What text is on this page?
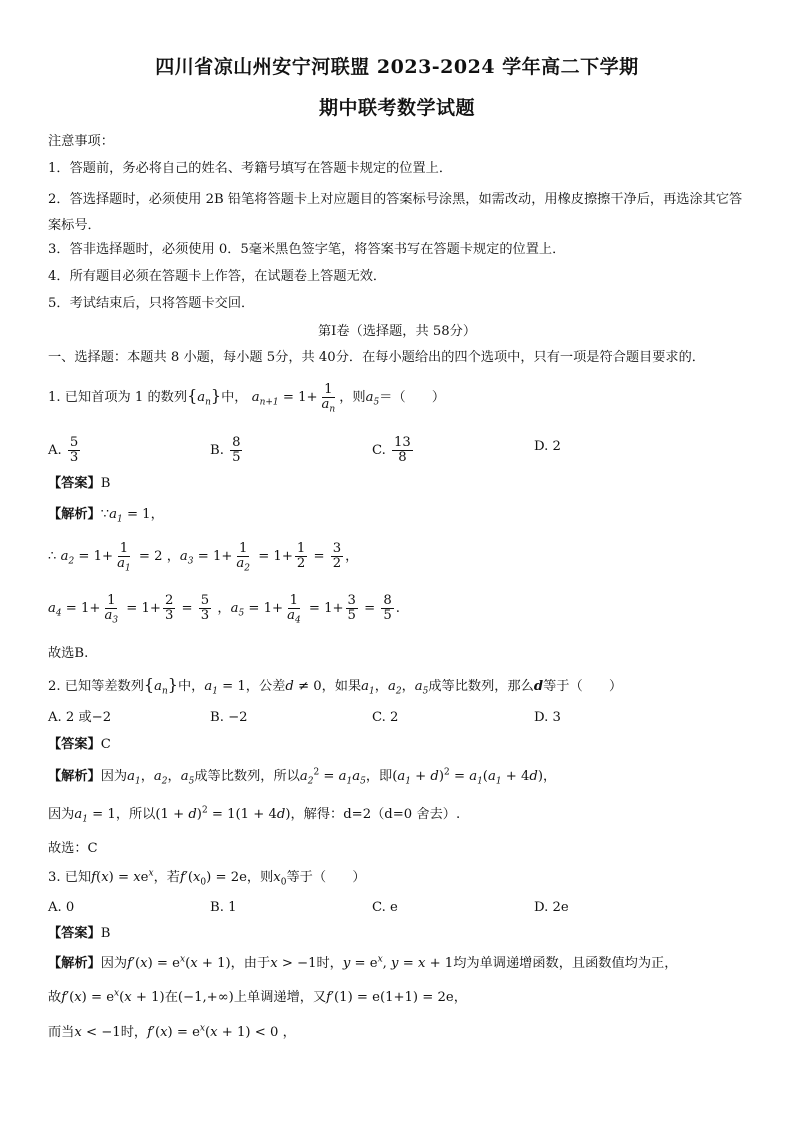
四川省凉山州安宁河联盟 2023-2024 学年高二下学期
期中联考数学试题
注意事项：
1．答题前，务必将自己的姓名、考籍号填写在答题卡规定的位置上．
2．答选择题时，必须使用 2B 铅笔将答题卡上对应题目的答案标号涂黑，如需改动，用橡皮擦擦干净后，再选涂其它答案标号．
3．答非选择题时，必须使用 0．5毫米黑色签字笔，将答案书写在答题卡规定的位置上．
4．所有题目必须在答题卡上作答，在试题卷上答题无效．
5．考试结束后，只将答题卡交回．
第Ⅰ卷（选择题，共 58分）
一、选择题：本题共 8 小题，每小题 5分，共 40分．在每小题给出的四个选项中，只有一项是符合题目要求的．
1. 已知首项为 1 的数列$\{a_n\}$中， $a_{n+1} = 1+ \frac{1}{a_n}$ ，则$a_5=$（　　）
A. $\frac{5}{3}$	B. $\frac{8}{5}$	C. $\frac{13}{8}$	D. 2
【答案】B
【解析】$\because a_1 = 1$，
∴ $a_2 = 1+ \frac{1}{a_1} = 2$ ，$a_3 = 1+ \frac{1}{a_2} = 1+ \frac{1}{2} = \frac{3}{2}$ ，
$a_4 = 1+ \frac{1}{a_3} = 1+ \frac{2}{3} = \frac{5}{3}$ ，$a_5 = 1+ \frac{1}{a_4} = 1+ \frac{3}{5} = \frac{8}{5}$ .
故选B.
2. 已知等差数列$\{a_n\}$中，$a_1 = 1$，公差d ≠ 0，如果$a_1$，$a_2$，$a_5$成等比数列，那么d等于（　　）
A. 2 或−2	B. −2	C. 2	D. 3
【答案】C
【解析】因为$a_1$，$a_2$，$a_5$成等比数列，所以$a_2^2 = a_1a_5$，即$(a_1 + d)^2 = a_1(a_1 + 4d)$，
因为$a_1 = 1$，所以$(1 + d)^2 = 1(1 + 4d)$，解得：d=2（d=0 舍去）.
故选：C
3. 已知$f(x) = xe^x$，若$f'(x_0) = 2e$，则$x_0$等于（　　）
A. 0	B. 1	C. e	D. 2e
【答案】B
【解析】因为$f'(x) = e^x(x + 1)$，由于x > −1时，$y = e^x$, y = x + 1均为单调递增函数，且函数值均为正，
故$f'(x) = e^x(x + 1)$在(−1,+∞)上单调递增，又f′(1) = e(1+1) = 2e，
而当x < −1时，$f'(x) = e^x(x + 1) < 0$ ，
